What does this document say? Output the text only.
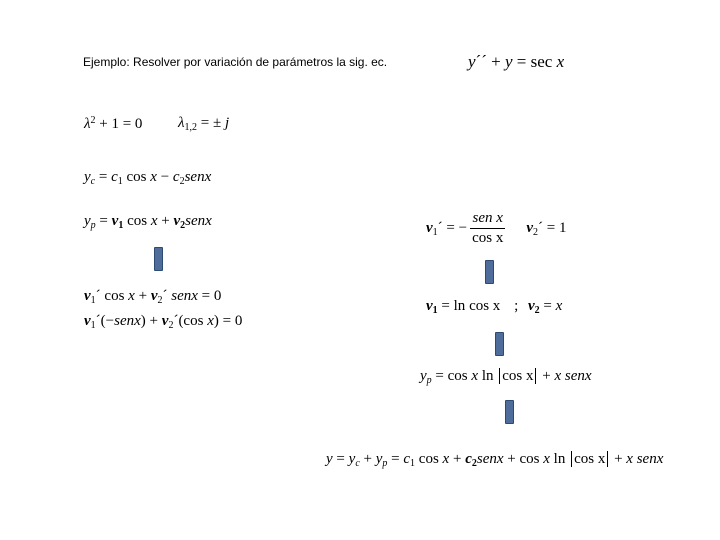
Ejemplo: Resolver por variación de parámetros la sig. ec.	y´´ + y = sec x
$\lambda^2 + 1 = 0$ $\lambda_{1,2}$ = ± j
$y_c = c_1$ $\cos x - c_2senx$
$y_p = v_1$ $\cos x + v_2senx$
$v_1´$ $\cos x + v_2´$ senx = 0
$v_1´(-senx)$ + $v_2´(\cos$ x) = 0
$v_1´$ = − $\frac{\text{sen x}}{\text{cos x}}$ $v_2´ = 1$
$v_1 = \ln \cos x$ ; $v_2 = x$
$y_p = \cos x$ ln cos x + x senx
$y = y_c + y_p = c_1$ $\cos x + c_2senx + \cos x$ ln cos x + x senx
